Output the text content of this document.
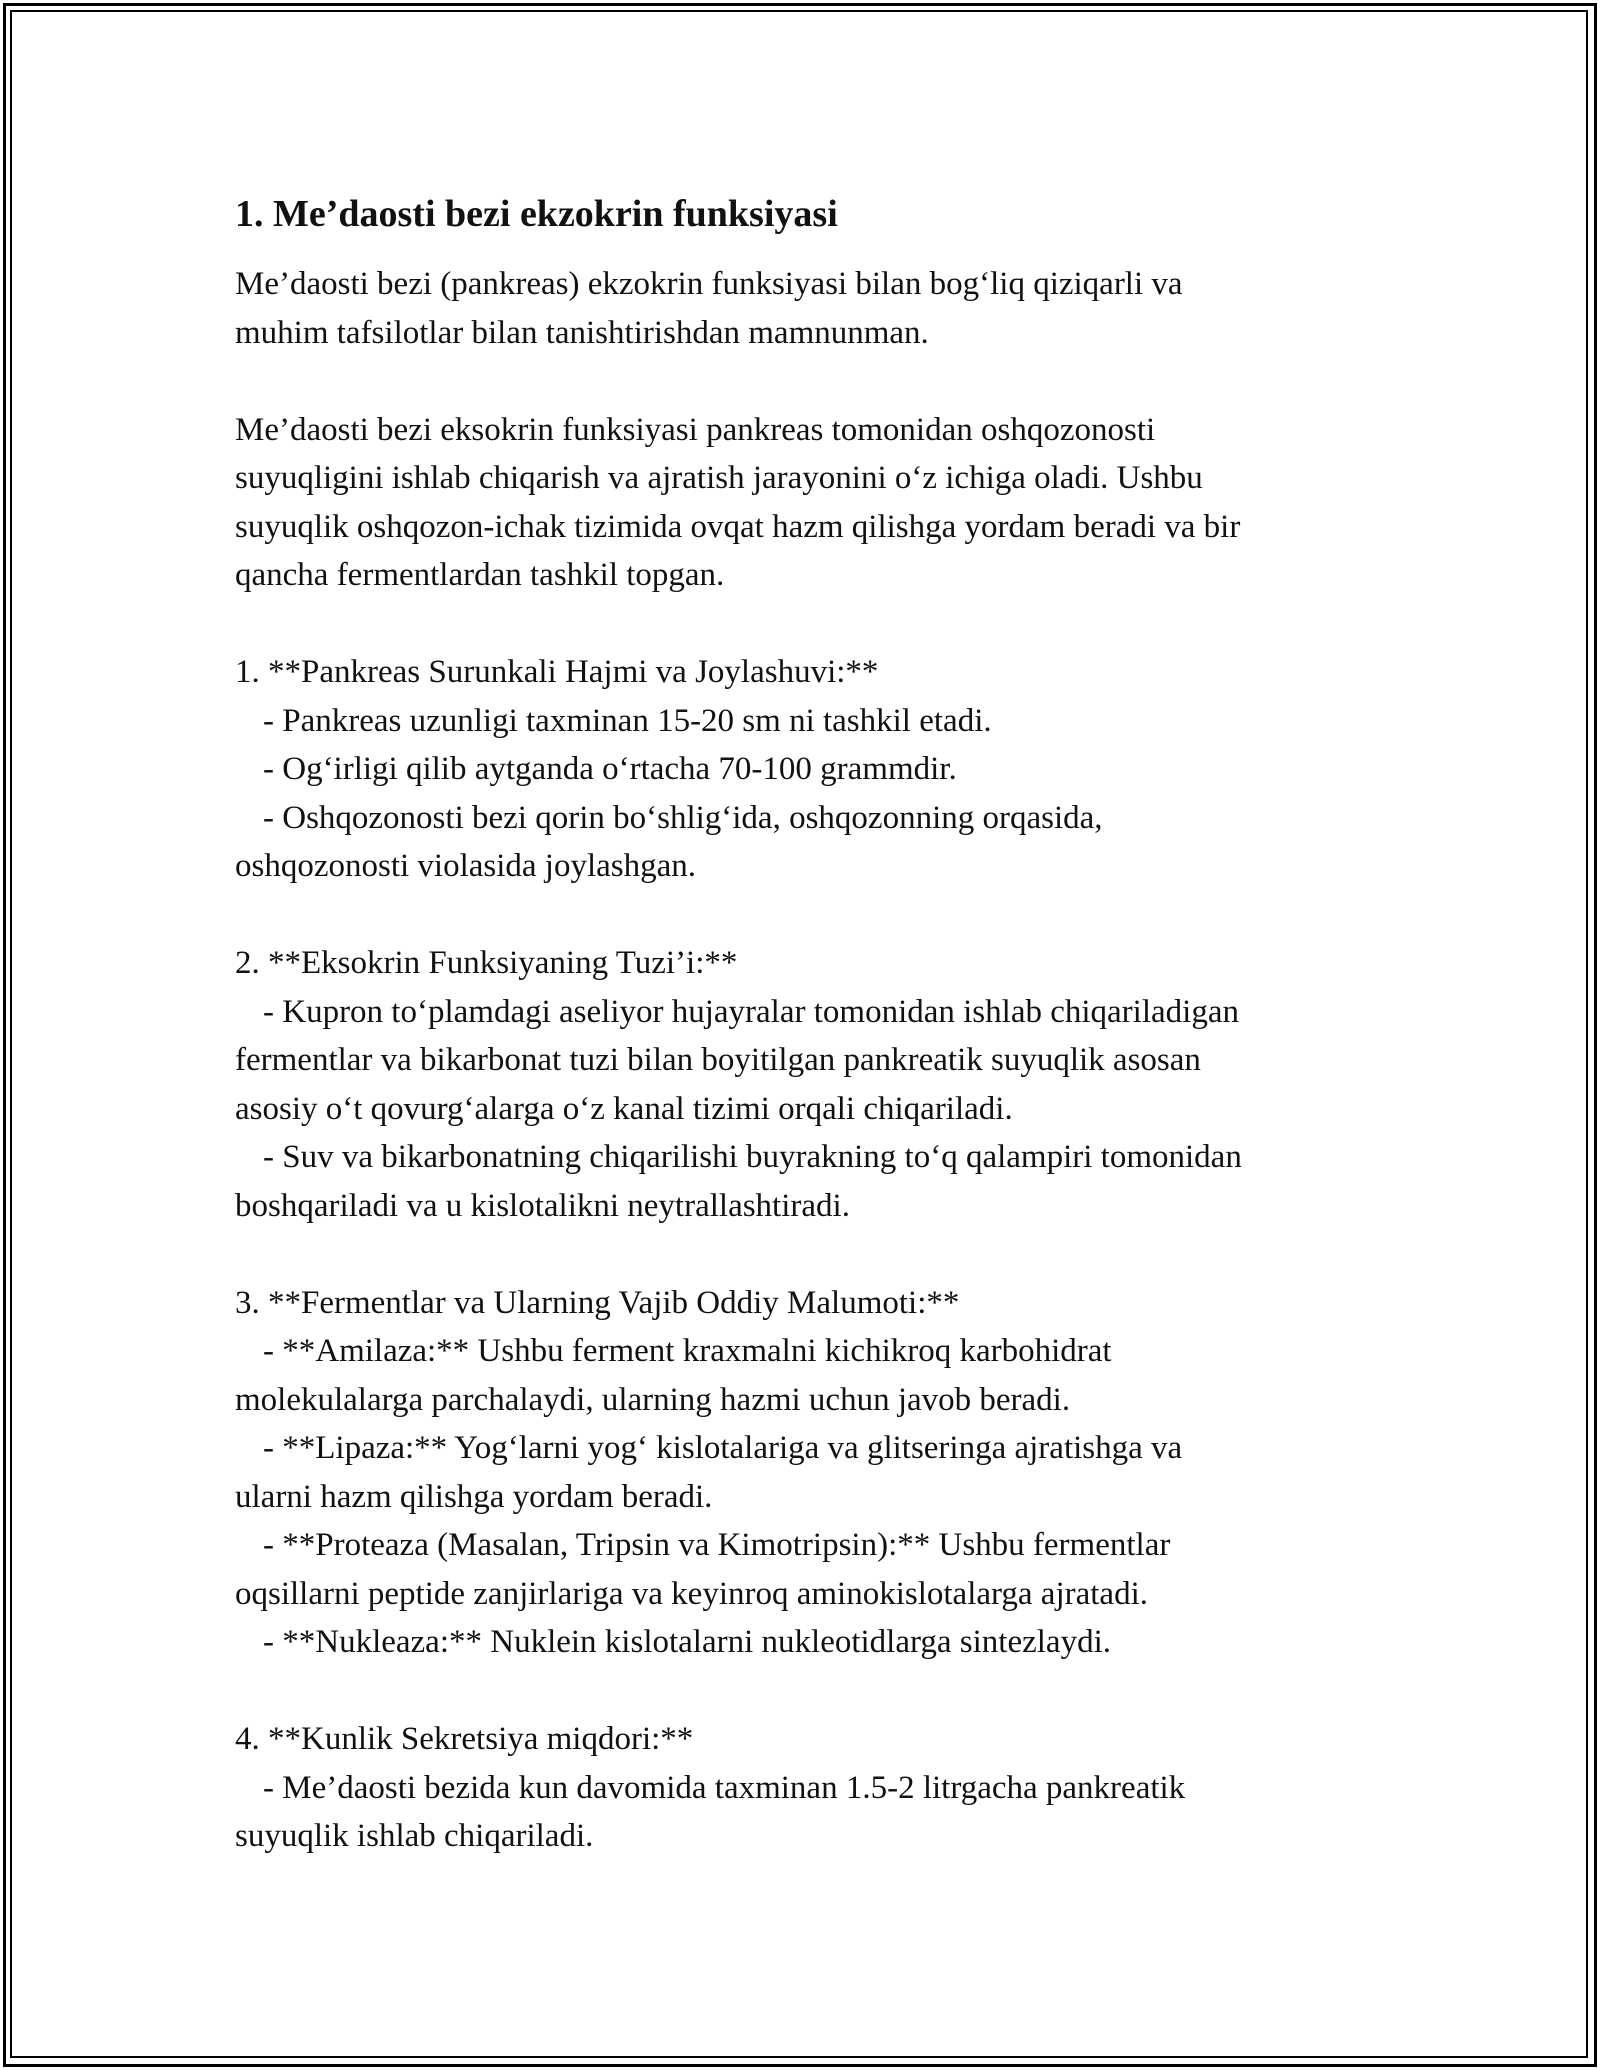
1. Me’daosti bezi ekzokrin funksiyasi
Me’daosti bezi (pankreas) ekzokrin funksiyasi bilan bog‘liq qiziqarli va
muhim tafsilotlar bilan tanishtirishdan mamnunman.
Me’daosti bezi eksokrin funksiyasi pankreas tomonidan oshqozonosti
suyuqligini ishlab chiqarish va ajratish jarayonini o‘z ichiga oladi. Ushbu
suyuqlik oshqozon-ichak tizimida ovqat hazm qilishga yordam beradi va bir
qancha fermentlardan tashkil topgan.
1. **Pankreas Surunkali Hajmi va Joylashuvi:**
- Pankreas uzunligi taxminan 15-20 sm ni tashkil etadi.
- Og‘irligi qilib aytganda o‘rtacha 70-100 grammdir.
- Oshqozonosti bezi qorin bo‘shlig‘ida, oshqozonning orqasida,
oshqozonosti violasida joylashgan.
2. **Eksokrin Funksiyaning Tuzi’i:**
- Kupron to‘plamdagi aseliyor hujayralar tomonidan ishlab chiqariladigan
fermentlar va bikarbonat tuzi bilan boyitilgan pankreatik suyuqlik asosan
asosiy o‘t qovurg‘alarga o‘z kanal tizimi orqali chiqariladi.
- Suv va bikarbonatning chiqarilishi buyrakning to‘q qalampiri tomonidan
boshqariladi va u kislotalikni neytrallashtiradi.
3. **Fermentlar va Ularning Vajib Oddiy Malumoti:**
- **Amilaza:** Ushbu ferment kraxmalni kichikroq karbohidrat
molekulalarga parchalaydi, ularning hazmi uchun javob beradi.
- **Lipaza:** Yog‘larni yog‘ kislotalariga va glitseringa ajratishga va
ularni hazm qilishga yordam beradi.
- **Proteaza (Masalan, Tripsin va Kimotripsin):** Ushbu fermentlar
oqsillarni peptide zanjirlariga va keyinroq aminokislotalarga ajratadi.
- **Nukleaza:** Nuklein kislotalarni nukleotidlarga sintezlaydi.
4. **Kunlik Sekretsiya miqdori:**
- Me’daosti bezida kun davomida taxminan 1.5-2 litrgacha pankreatik
suyuqlik ishlab chiqariladi.
